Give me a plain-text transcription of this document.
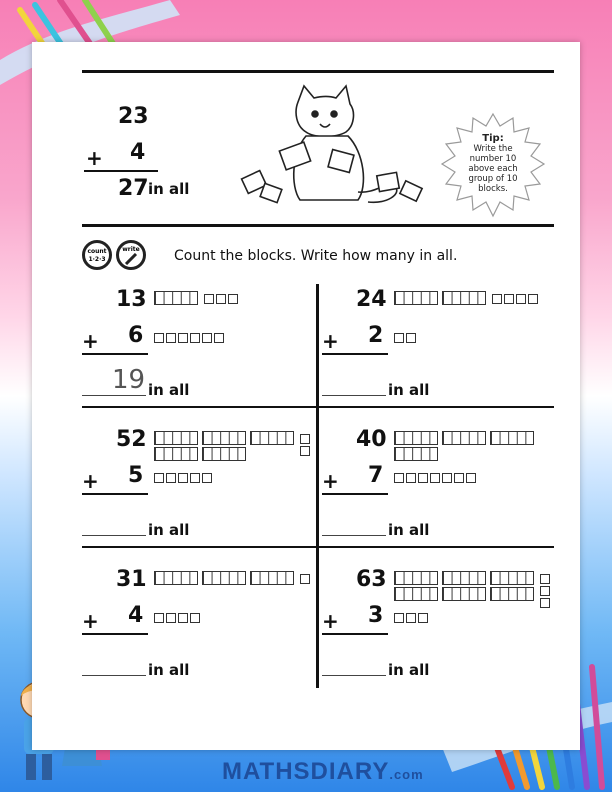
23
+ 4
27 in all
Tip:
Write the number 10 above each group of 10 blocks.
count
1·2·3
write Count the blocks. Write how many in all.
13
+ 6
19 in all
24
+ 2
in all
52
+ 5
in all
40
+ 7
in all
31
+ 4
in all
63
+ 3
in all
MATHSDIARY.com
